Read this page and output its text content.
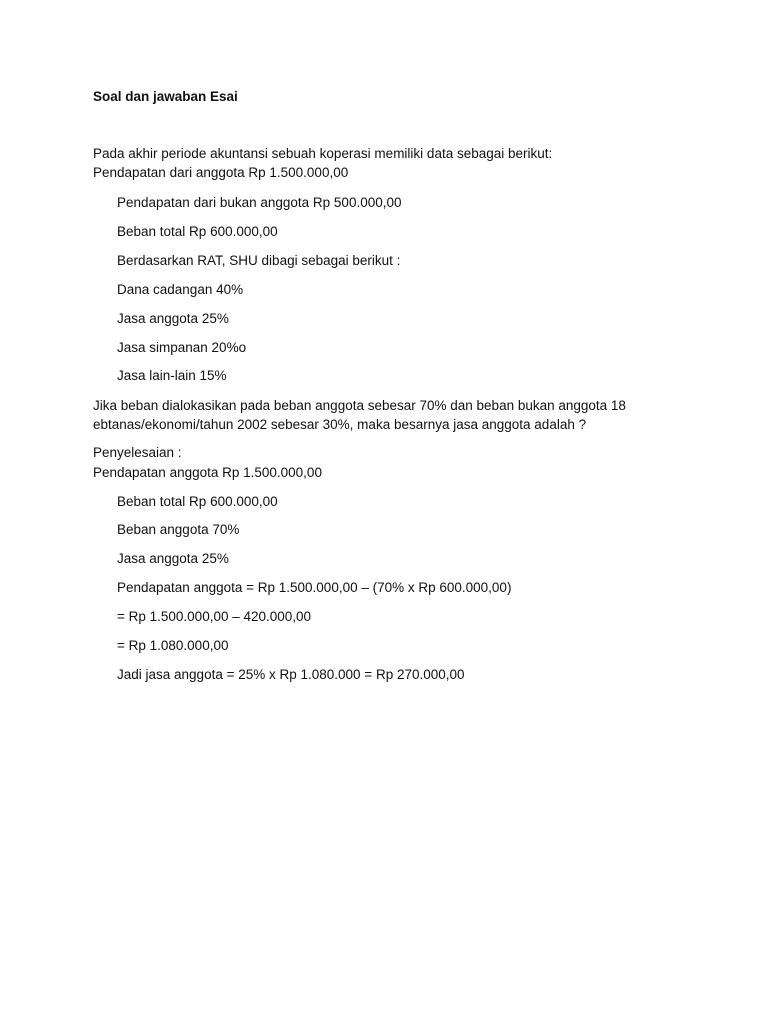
Soal dan jawaban Esai
Pada akhir periode akuntansi sebuah koperasi memiliki data sebagai berikut:
Pendapatan dari anggota Rp 1.500.000,00
Pendapatan dari bukan anggota Rp 500.000,00
Beban total Rp 600.000,00
Berdasarkan RAT, SHU dibagi sebagai berikut :
Dana cadangan 40%
Jasa anggota 25%
Jasa simpanan 20%o
Jasa lain-lain 15%
Jika beban dialokasikan pada beban anggota sebesar 70% dan beban bukan anggota 18
ebtanas/ekonomi/tahun 2002 sebesar 30%, maka besarnya jasa anggota adalah ?
Penyelesaian :
Pendapatan anggota Rp 1.500.000,00
Beban total Rp 600.000,00
Beban anggota 70%
Jasa anggota 25%
Pendapatan anggota = Rp 1.500.000,00 – (70% x Rp 600.000,00)
= Rp 1.500.000,00 – 420.000,00
= Rp 1.080.000,00
Jadi jasa anggota = 25% x Rp 1.080.000 = Rp 270.000,00
